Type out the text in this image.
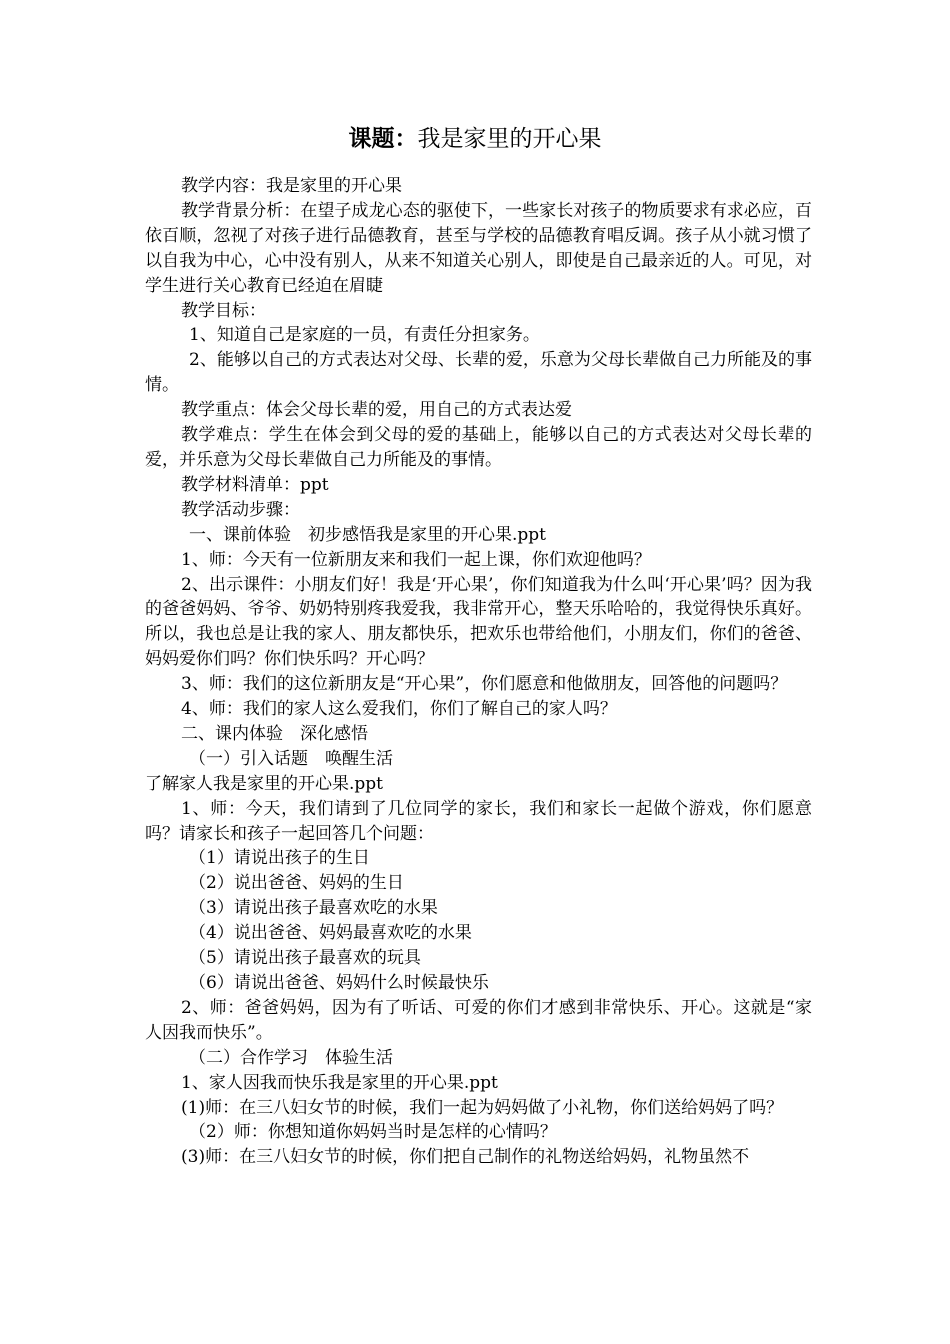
课题：我是家里的开心果

教学内容：我是家里的开心果

教学背景分析：在望子成龙心态的驱使下，一些家长对孩子的物质要求有求必应，百依百顺，忽视了对孩子进行品德教育，甚至与学校的品德教育唱反调。孩子从小就习惯了以自我为中心，心中没有别人，从来不知道关心别人，即使是自己最亲近的人。可见，对学生进行关心教育已经迫在眉睫

教学目标：

1、知道自己是家庭的一员，有责任分担家务。

2、能够以自己的方式表达对父母、长辈的爱，乐意为父母长辈做自己力所能及的事情。

教学重点：体会父母长辈的爱，用自己的方式表达爱

教学难点：学生在体会到父母的爱的基础上，能够以自己的方式表达对父母长辈的爱，并乐意为父母长辈做自己力所能及的事情。

教学材料清单：ppt

教学活动步骤：

一、课前体验　初步感悟我是家里的开心果.ppt

1、师：今天有一位新朋友来和我们一起上课，你们欢迎他吗？

2、出示课件：小朋友们好！我是‘开心果’，你们知道我为什么叫‘开心果’吗？因为我的爸爸妈妈、爷爷、奶奶特别疼我爱我，我非常开心，整天乐哈哈的，我觉得快乐真好。所以，我也总是让我的家人、朋友都快乐，把欢乐也带给他们，小朋友们，你们的爸爸、妈妈爱你们吗？你们快乐吗？开心吗？

3、师：我们的这位新朋友是“开心果”，你们愿意和他做朋友，回答他的问题吗？

4、师：我们的家人这么爱我们，你们了解自己的家人吗？

二、课内体验　深化感悟

（一）引入话题　唤醒生活

了解家人我是家里的开心果.ppt

1、师：今天，我们请到了几位同学的家长，我们和家长一起做个游戏，你们愿意吗？请家长和孩子一起回答几个问题：

（1）请说出孩子的生日

（2）说出爸爸、妈妈的生日

（3）请说出孩子最喜欢吃的水果

（4）说出爸爸、妈妈最喜欢吃的水果

（5）请说出孩子最喜欢的玩具

（6）请说出爸爸、妈妈什么时候最快乐

2、师：爸爸妈妈，因为有了听话、可爱的你们才感到非常快乐、开心。这就是“家人因我而快乐”。

（二）合作学习　体验生活

1、家人因我而快乐我是家里的开心果.ppt

(1)师：在三八妇女节的时候，我们一起为妈妈做了小礼物，你们送给妈妈了吗？

（2）师：你想知道你妈妈当时是怎样的心情吗？

(3)师：在三八妇女节的时候，你们把自己制作的礼物送给妈妈，礼物虽然不
